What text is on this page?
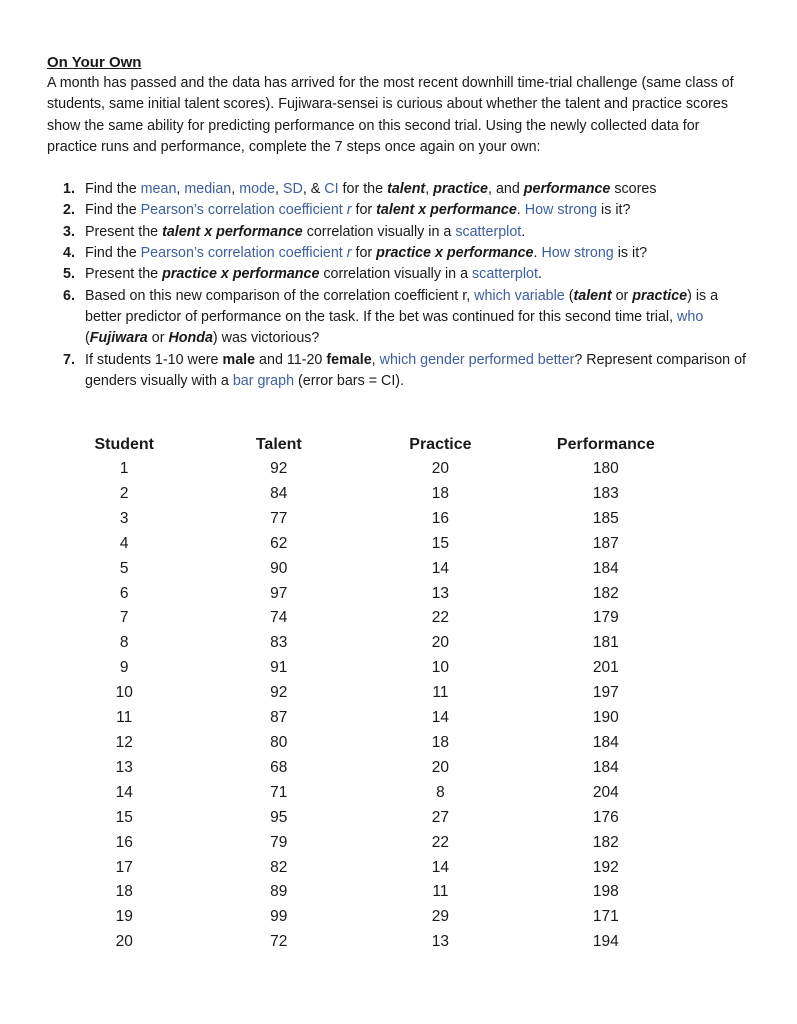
On Your Own

A month has passed and the data has arrived for the most recent downhill time-trial challenge (same class of students, same initial talent scores). Fujiwara-sensei is curious about whether the talent and practice scores show the same ability for predicting performance on this second trial. Using the newly collected data for practice runs and performance, complete the 7 steps once again on your own:

1. Find the mean, median, mode, SD, & CI for the talent, practice, and performance scores
2. Find the Pearson’s correlation coefficient r for talent x performance. How strong is it?
3. Present the talent x performance correlation visually in a scatterplot.
4. Find the Pearson’s correlation coefficient r for practice x performance. How strong is it?
5. Present the practice x performance correlation visually in a scatterplot.
6. Based on this new comparison of the correlation coefficient r, which variable (talent or practice) is a better predictor of performance on the task. If the bet was continued for this second time trial, who (Fujiwara or Honda) was victorious?
7. If students 1-10 were male and 11-20 female, which gender performed better? Represent comparison of genders visually with a bar graph (error bars = CI).
Student	Talent	Practice	Performance
1	92	20	180
2	84	18	183
3	77	16	185
4	62	15	187
5	90	14	184
6	97	13	182
7	74	22	179
8	83	20	181
9	91	10	201
10	92	11	197
11	87	14	190
12	80	18	184
13	68	20	184
14	71	8	204
15	95	27	176
16	79	22	182
17	82	14	192
18	89	11	198
19	99	29	171
20	72	13	194
